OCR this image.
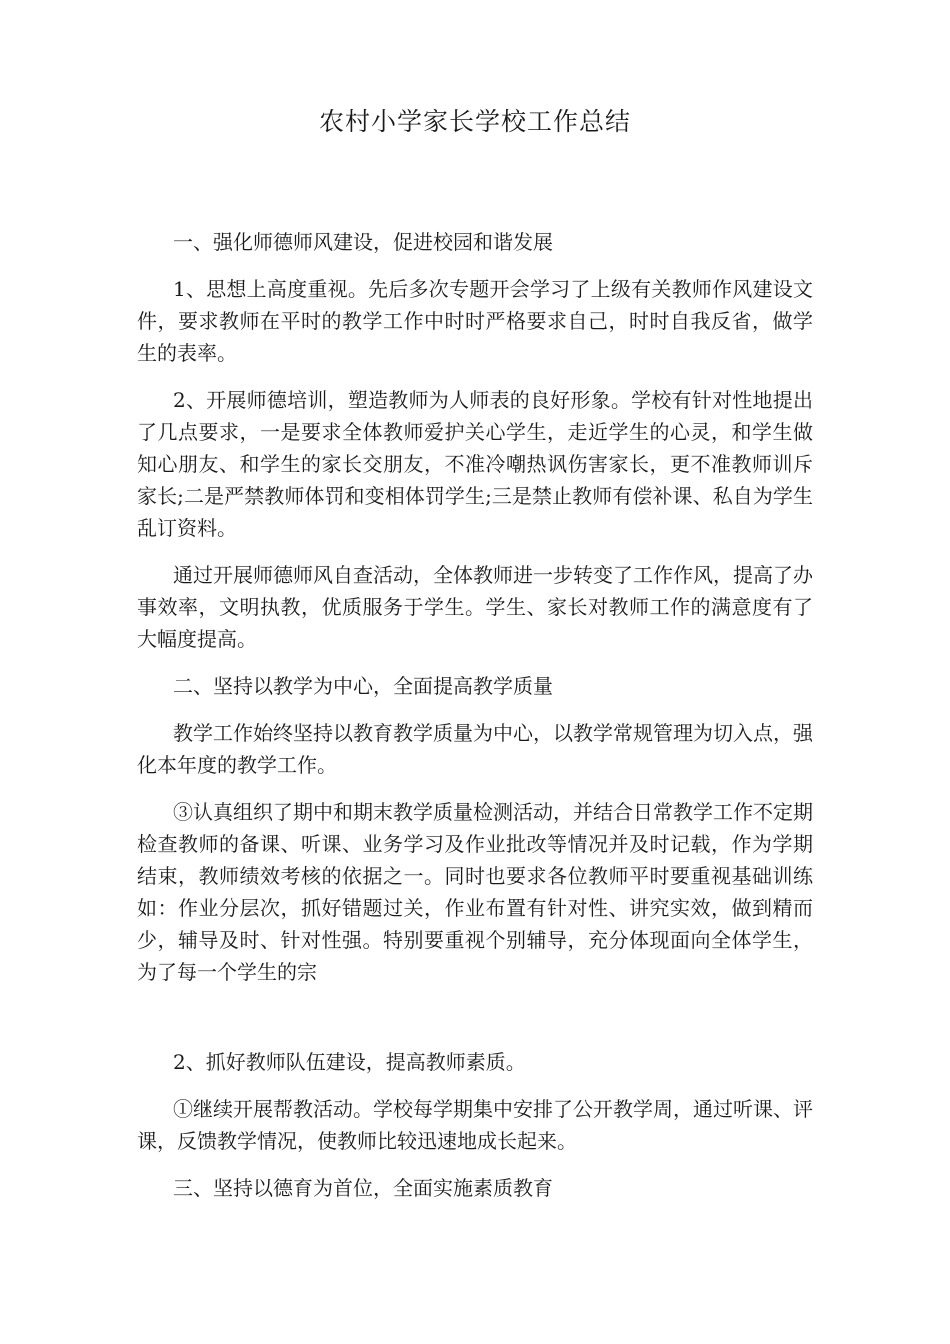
农村小学家长学校工作总结

一、强化师德师风建设，促进校园和谐发展

1、思想上高度重视。先后多次专题开会学习了上级有关教师作风建设文件，要求教师在平时的教学工作中时时严格要求自己，时时自我反省，做学生的表率。

2、开展师德培训，塑造教师为人师表的良好形象。学校有针对性地提出了几点要求，一是要求全体教师爱护关心学生，走近学生的心灵，和学生做知心朋友、和学生的家长交朋友，不准冷嘲热讽伤害家长，更不准教师训斥家长;二是严禁教师体罚和变相体罚学生;三是禁止教师有偿补课、私自为学生乱订资料。

通过开展师德师风自查活动，全体教师进一步转变了工作作风，提高了办事效率，文明执教，优质服务于学生。学生、家长对教师工作的满意度有了大幅度提高。

二、坚持以教学为中心，全面提高教学质量

教学工作始终坚持以教育教学质量为中心，以教学常规管理为切入点，强化本年度的教学工作。

③认真组织了期中和期末教学质量检测活动，并结合日常教学工作不定期检查教师的备课、听课、业务学习及作业批改等情况并及时记载，作为学期结束，教师绩效考核的依据之一。同时也要求各位教师平时要重视基础训练如：作业分层次，抓好错题过关，作业布置有针对性、讲究实效，做到精而少，辅导及时、针对性强。特别要重视个别辅导，充分体现面向全体学生，为了每一个学生的宗

2、抓好教师队伍建设，提高教师素质。

①继续开展帮教活动。学校每学期集中安排了公开教学周，通过听课、评课，反馈教学情况，使教师比较迅速地成长起来。

三、坚持以德育为首位，全面实施素质教育
